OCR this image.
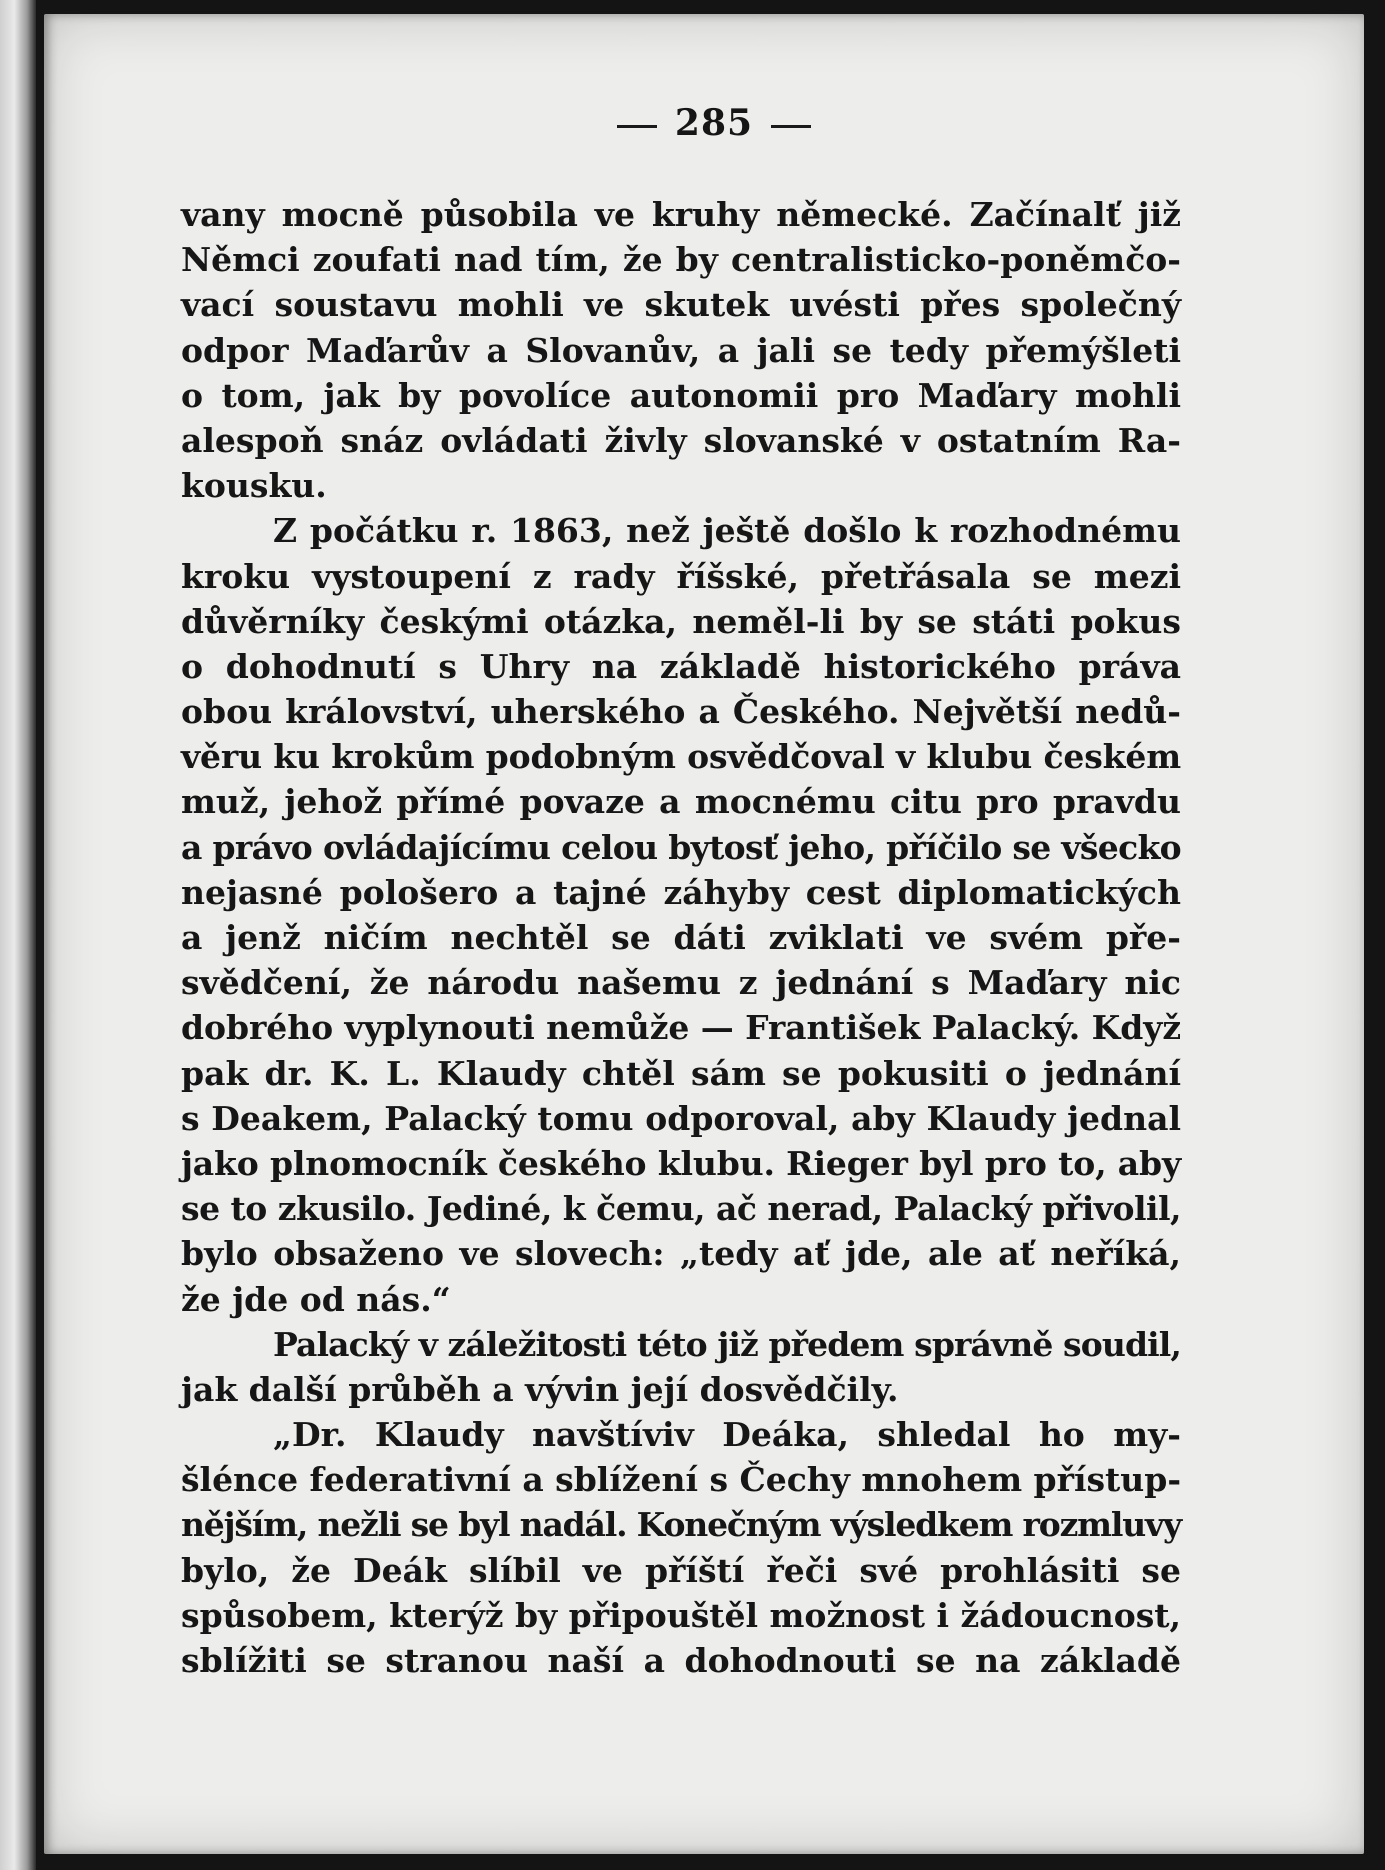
285
vany mocně působila ve kruhy německé. Začínalť již
Němci zoufati nad tím, že by centralisticko-poněmčo-
vací soustavu mohli ve skutek uvésti přes společný
odpor Maďarův a Slovanův, a jali se tedy přemýšleti
o tom, jak by povolíce autonomii pro Maďary mohli
alespoň snáz ovládati živly slovanské v ostatním Ra-
kousku.
Z počátku r. 1863, než ještě došlo k rozhodnému
kroku vystoupení z rady říšské, přetřásala se mezi
důvěrníky českými otázka, neměl-li by se státi pokus
o dohodnutí s Uhry na základě historického práva
obou království, uherského a Českého. Největší nedů-
věru ku krokům podobným osvědčoval v klubu českém
muž, jehož přímé povaze a mocnému citu pro pravdu
a právo ovládajícímu celou bytosť jeho, příčilo se všecko
nejasné pološero a tajné záhyby cest diplomatických
a jenž ničím nechtěl se dáti zviklati ve svém pře-
svědčení, že národu našemu z jednání s Maďary nic
dobrého vyplynouti nemůže — František Palacký. Když
pak dr. K. L. Klaudy chtěl sám se pokusiti o jednání
s Deakem, Palacký tomu odporoval, aby Klaudy jednal
jako plnomocník českého klubu. Rieger byl pro to, aby
se to zkusilo. Jediné, k čemu, ač nerad, Palacký přivolil,
bylo obsaženo ve slovech: „tedy ať jde, ale ať neříká,
že jde od nás.“
Palacký v záležitosti této již předem správně soudil,
jak další průběh a vývin její dosvědčily.
„Dr. Klaudy navštíviv Deáka, shledal ho my-
šlénce federativní a sblížení s Čechy mnohem přístup-
nějším, nežli se byl nadál. Konečným výsledkem rozmluvy
bylo, že Deák slíbil ve příští řeči své prohlásiti se
spůsobem, kterýž by připouštěl možnost i žádoucnost,
sblížiti se stranou naší a dohodnouti se na základě
